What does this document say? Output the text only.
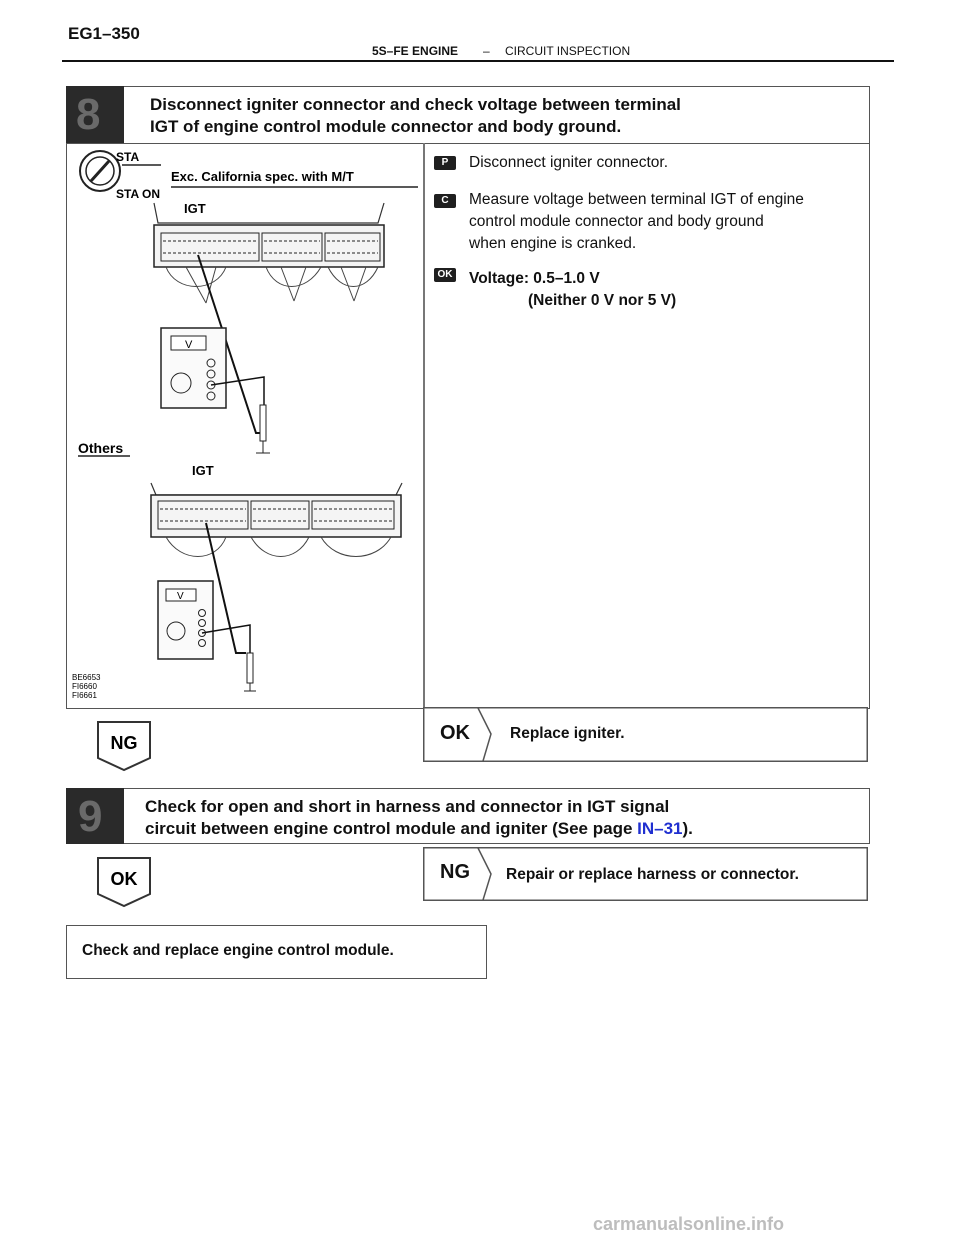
EG1–350
5S–FE ENGINE – CIRCUIT INSPECTION
8	Disconnect igniter connector and check voltage between terminal
IGT of engine control module connector and body ground.
STA
STA ON
Exc. California spec. with M/T
IGT
V
Others
IGT
V
BE6653
FI6660
FI6661
P	Disconnect igniter connector.
C	Measure voltage between terminal IGT of engine
control module connector and body ground
when engine is cranked.
OK Voltage: 0.5–1.0 V
(Neither 0 V nor 5 V)
NG	OK	Replace igniter.
9	Check for open and short in harness and connector in IGT signal
circuit between engine control module and igniter (See page IN–31).
OK	NG Repair or replace harness or connector.
Check and replace engine control module.
carmanualsonline.info
